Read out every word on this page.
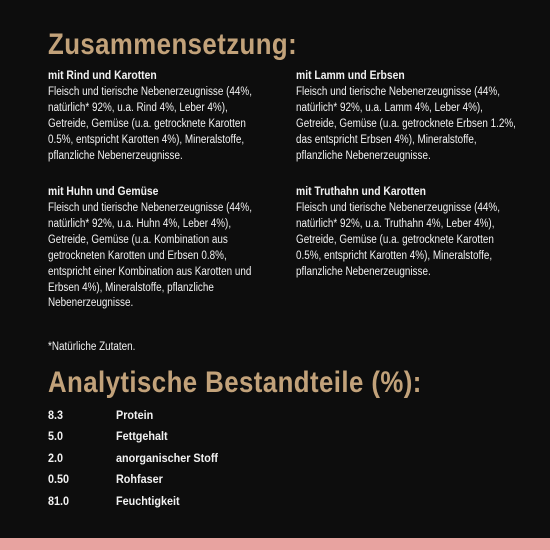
Zusammensetzung:

mit Rind und Karotten

Fleisch und tierische Nebenerzeugnisse (44%,
natürlich* 92%, u.a. Rind 4%, Leber 4%),
Getreide, Gemüse (u.a. getrocknete Karotten
0.5%, entspricht Karotten 4%), Mineralstoffe,
pflanzliche Nebenerzeugnisse.

mit Lamm und Erbsen

Fleisch und tierische Nebenerzeugnisse (44%,
natürlich* 92%, u.a. Lamm 4%, Leber 4%),
Getreide, Gemüse (u.a. getrocknete Erbsen 1.2%,
das entspricht Erbsen 4%), Mineralstoffe,
pflanzliche Nebenerzeugnisse.

mit Huhn und Gemüse

Fleisch und tierische Nebenerzeugnisse (44%,
natürlich* 92%, u.a. Huhn 4%, Leber 4%),
Getreide, Gemüse (u.a. Kombination aus
getrockneten Karotten und Erbsen 0.8%,
entspricht einer Kombination aus Karotten und
Erbsen 4%), Mineralstoffe, pflanzliche
Nebenerzeugnisse.

mit Truthahn und Karotten

Fleisch und tierische Nebenerzeugnisse (44%,
natürlich* 92%, u.a. Truthahn 4%, Leber 4%),
Getreide, Gemüse (u.a. getrocknete Karotten
0.5%, entspricht Karotten 4%), Mineralstoffe,
pflanzliche Nebenerzeugnisse.

*Natürliche Zutaten.

Analytische Bestandteile (%):
8.3	Protein
5.0	Fettgehalt
2.0	anorganischer Stoff
0.50	Rohfaser
81.0	Feuchtigkeit
